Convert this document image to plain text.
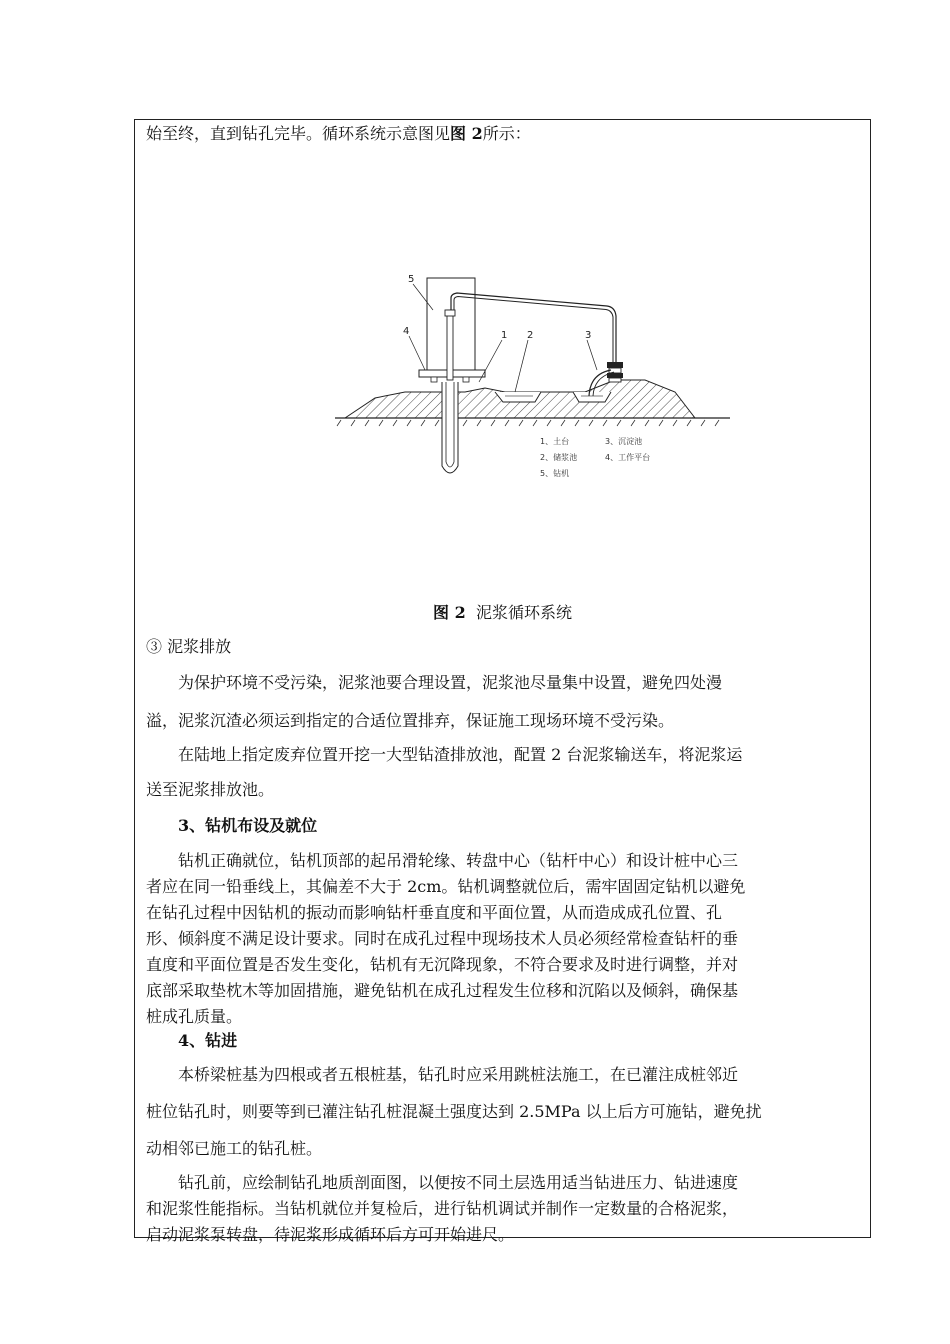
始至终，直到钻孔完毕。循环系统示意图见图 2所示：
5
4	1 2	3
1、土台	3、沉淀池
2、储浆池	4、工作平台
5、钻机
图 2 泥浆循环系统
③ 泥浆排放
为保护环境不受污染，泥浆池要合理设置，泥浆池尽量集中设置，避免四处漫
溢，泥浆沉渣必须运到指定的合适位置排弃，保证施工现场环境不受污染。
在陆地上指定废弃位置开挖一大型钻渣排放池，配置 2 台泥浆输送车，将泥浆运
送至泥浆排放池。
3、钻机布设及就位
钻机正确就位，钻机顶部的起吊滑轮缘、转盘中心（钻杆中心）和设计桩中心三
者应在同一铅垂线上，其偏差不大于 2cm。钻机调整就位后，需牢固固定钻机以避免
在钻孔过程中因钻机的振动而影响钻杆垂直度和平面位置，从而造成成孔位置、孔
形、倾斜度不满足设计要求。同时在成孔过程中现场技术人员必须经常检查钻杆的垂
直度和平面位置是否发生变化，钻机有无沉降现象，不符合要求及时进行调整，并对
底部采取垫枕木等加固措施，避免钻机在成孔过程发生位移和沉陷以及倾斜，确保基
桩成孔质量。
4、钻进
本桥梁桩基为四根或者五根桩基，钻孔时应采用跳桩法施工，在已灌注成桩邻近
桩位钻孔时，则要等到已灌注钻孔桩混凝土强度达到 2.5MPa 以上后方可施钻，避免扰
动相邻已施工的钻孔桩。
钻孔前，应绘制钻孔地质剖面图，以便按不同土层选用适当钻进压力、钻进速度
和泥浆性能指标。当钻机就位并复检后，进行钻机调试并制作一定数量的合格泥浆，
启动泥浆泵转盘，待泥浆形成循环后方可开始进尺。
